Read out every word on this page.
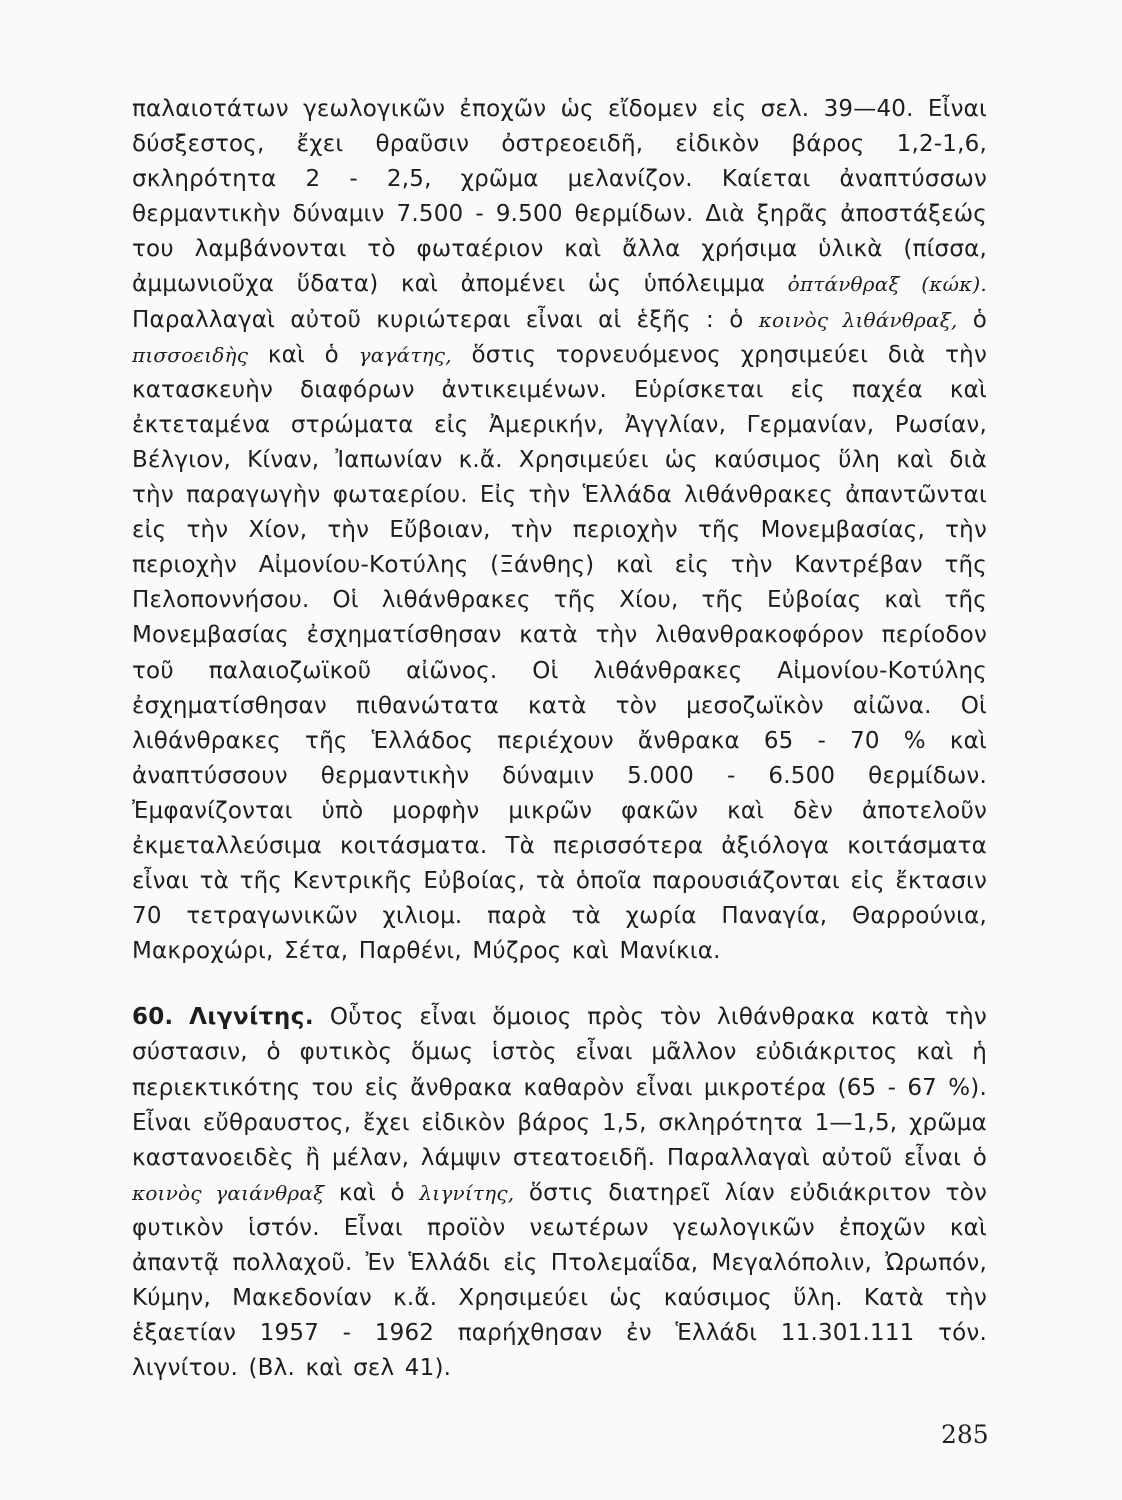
παλαιοτάτων γεωλογικῶν ἐποχῶν ὡς εἴδομεν εἰς σελ. 39—40. Εἶναι δύσξεστος, ἔχει θραῦσιν ὀστρεοειδῆ, εἰδικὸν βάρος 1,2-1,6, σκληρότητα 2 - 2,5, χρῶμα μελανίζον. Καίεται ἀναπτύσσων θερμαντικὴν δύναμιν 7.500 - 9.500 θερμίδων. Διὰ ξηρᾶς ἀποστάξεώς του λαμβάνονται τὸ φωταέριον καὶ ἄλλα χρήσιμα ὑλικὰ (πίσσα, ἀμμωνιοῦχα ὕδατα) καὶ ἀπομένει ὡς ὑπόλειμμα ὀπτάνθραξ (κώκ). Παραλλαγαὶ αὐτοῦ κυριώτεραι εἶναι αἱ ἑξῆς : ὁ κοινὸς λιθάνθραξ, ὁ πισσοειδὴς καὶ ὁ γαγάτης, ὅστις τορνευόμενος χρησιμεύει διὰ τὴν κατασκευὴν διαφόρων ἀντικειμένων. Εὑρίσκεται εἰς παχέα καὶ ἐκτεταμένα στρώματα εἰς Ἀμερικήν, Ἀγγλίαν, Γερμανίαν, Ρωσίαν, Βέλγιον, Κίναν, Ἰαπωνίαν κ.ἄ. Χρησιμεύει ὡς καύσιμος ὕλη καὶ διὰ τὴν παραγωγὴν φωταερίου. Εἰς τὴν Ἑλλάδα λιθάνθρακες ἀπαντῶνται εἰς τὴν Χίον, τὴν Εὔβοιαν, τὴν περιοχὴν τῆς Μονεμβασίας, τὴν περιοχὴν Αἰμονίου-Κοτύλης (Ξάνθης) καὶ εἰς τὴν Καντρέβαν τῆς Πελοποννήσου. Οἱ λιθάνθρακες τῆς Χίου, τῆς Εὐβοίας καὶ τῆς Μονεμβασίας ἐσχηματίσθησαν κατὰ τὴν λιθανθρακοφόρον περίοδον τοῦ παλαιοζωϊκοῦ αἰῶνος. Οἱ λιθάνθρακες Αἰμονίου-Κοτύλης ἐσχηματίσθησαν πιθανώτατα κατὰ τὸν μεσοζωϊκὸν αἰῶνα. Οἱ λιθάνθρακες τῆς Ἑλλάδος περιέχουν ἄνθρακα 65 - 70 % καὶ ἀναπτύσσουν θερμαντικὴν δύναμιν 5.000 - 6.500 θερμίδων. Ἐμφανίζονται ὑπὸ μορφὴν μικρῶν φακῶν καὶ δὲν ἀποτελοῦν ἐκμεταλλεύσιμα κοιτάσματα. Τὰ περισσότερα ἀξιόλογα κοιτάσματα εἶναι τὰ τῆς Κεντρικῆς Εὐβοίας, τὰ ὁποῖα παρουσιάζονται εἰς ἔκτασιν 70 τετραγωνικῶν χιλιομ. παρὰ τὰ χωρία Παναγία, Θαρρούνια, Μακροχώρι, Σέτα, Παρθένι, Μύζρος καὶ Μανίκια.

60. Λιγνίτης. Οὗτος εἶναι ὅμοιος πρὸς τὸν λιθάνθρακα κατὰ τὴν σύστασιν, ὁ φυτικὸς ὅμως ἱστὸς εἶναι μᾶλλον εὐδιάκριτος καὶ ἡ περιεκτικότης του εἰς ἄνθρακα καθαρὸν εἶναι μικροτέρα (65 - 67 %). Εἶναι εὔθραυστος, ἔχει εἰδικὸν βάρος 1,5, σκληρότητα 1—1,5, χρῶμα καστανοειδὲς ἢ μέλαν, λάμψιν στεατοειδῆ. Παραλλαγαὶ αὐτοῦ εἶναι ὁ κοινὸς γαιάνθραξ καὶ ὁ λιγνίτης, ὅστις διατηρεῖ λίαν εὐδιάκριτον τὸν φυτικὸν ἱστόν. Εἶναι προϊὸν νεωτέρων γεωλογικῶν ἐποχῶν καὶ ἀπαντᾷ πολλαχοῦ. Ἐν Ἑλλάδι εἰς Πτολεμαΐδα, Μεγαλόπολιν, Ὠρωπόν, Κύμην, Μακεδονίαν κ.ἄ. Χρησιμεύει ὡς καύσιμος ὕλη. Κατὰ τὴν ἑξαετίαν 1957 - 1962 παρήχθησαν ἐν Ἑλλάδι 11.301.111 τόν. λιγνίτου. (Βλ. καὶ σελ 41).

285
